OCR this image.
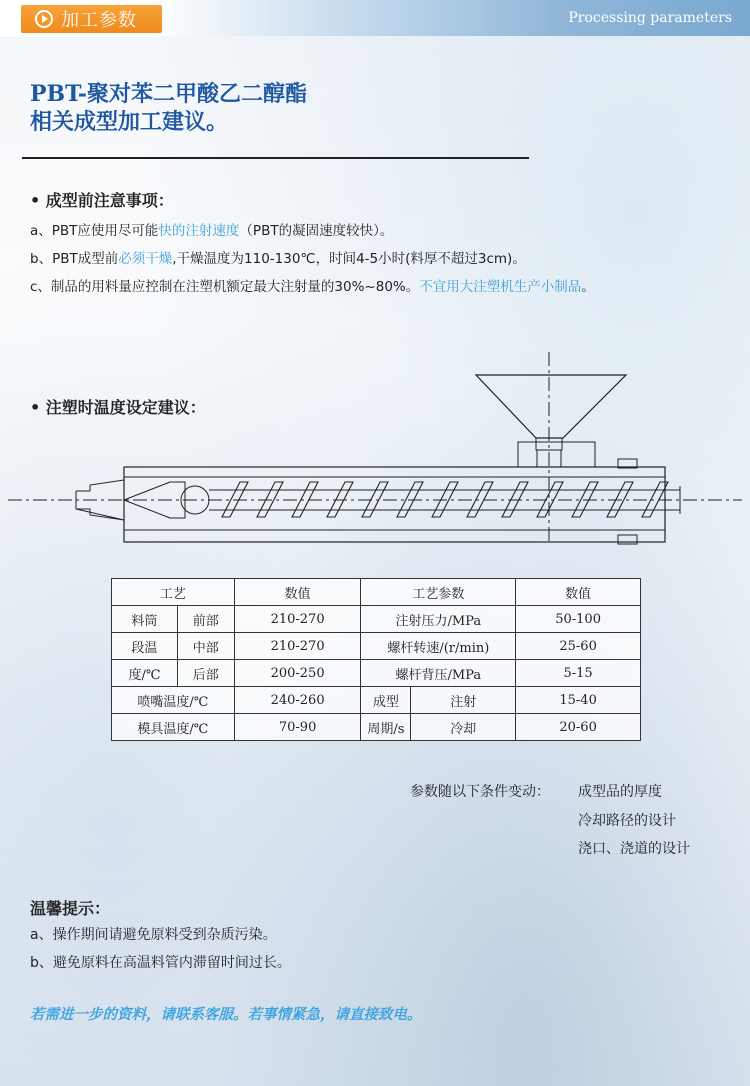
加工参数	Processing parameters
PBT-聚对苯二甲酸乙二醇酯
相关成型加工建议。
• 成型前注意事项：
a、PBT应使用尽可能快的注射速度（PBT的凝固速度较快）。
b、PBT成型前必须干燥,干燥温度为110-130℃，时间4-5小时(料厚不超过3cm)。
c、制品的用料量应控制在注塑机额定最大注射量的30%~80%。不宜用大注塑机生产小制品。
• 注塑时温度设定建议：
工艺		数值	工艺参数		数值
料筒	前部	210-270	注射压力/MPa		50-100
段温	中部	210-270	螺杆转速/(r/min)		25-60
度/℃	后部	200-250	螺杆背压/MPa		5-15
喷嘴温度/℃		240-260	成型	注射	15-40
模具温度/℃		70-90	周期/s	冷却	20-60
参数随以下条件变动： 成型品的厚度
冷却路径的设计
浇口、浇道的设计
温馨提示：
a、操作期间请避免原料受到杂质污染。
b、避免原料在高温料管内滞留时间过长。
若需进一步的资料，请联系客服。若事情紧急，请直接致电。
